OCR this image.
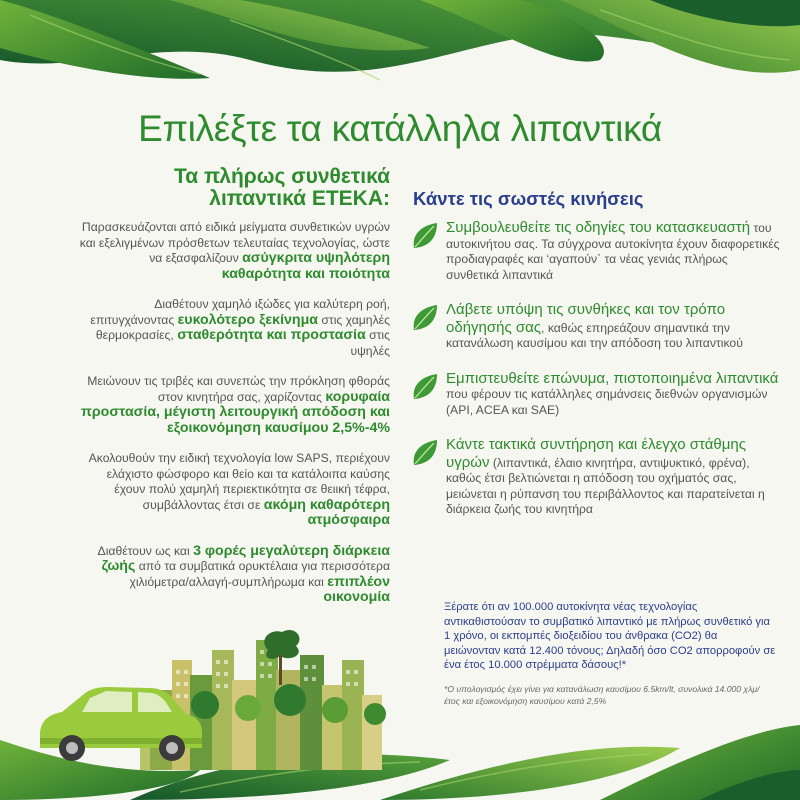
Επιλέξτε τα κατάλληλα λιπαντικά
Τα πλήρως συνθετικά
λιπαντικά ΕΤΕΚΑ:

Παρασκευάζονται από ειδικά μείγματα συνθετικών υγρών και εξελιγμένων πρόσθετων τελευταίας τεχνολογίας, ώστε να εξασφαλίζουν ασύγκριτα υψηλότερη καθαρότητα και ποιότητα

Διαθέτουν χαμηλό ιξώδες για καλύτερη ροή, επιτυγχάνοντας ευκολότερο ξεκίνημα στις χαμηλές θερμοκρασίες, σταθερότητα και προστασία στις υψηλές

Μειώνουν τις τριβές και συνεπώς την πρόκληση φθοράς στον κινητήρα σας, χαρίζοντας κορυφαία προστασία, μέγιστη λειτουργική απόδοση και εξοικονόμηση καυσίμου 2,5%-4%

Ακολουθούν την ειδική τεχνολογία low SAPS, περιέχουν ελάχιστο φώσφορο και θείο και τα κατάλοιπα καύσης έχουν πολύ χαμηλή περιεκτικότητα σε θειική τέφρα, συμβάλλοντας έτσι σε ακόμη καθαρότερη ατμόσφαιρα

Διαθέτουν ως και 3 φορές μεγαλύτερη διάρκεια ζωής από τα συμβατικά ορυκτέλαια για περισσότερα χιλιόμετρα/αλλαγή-συμπλήρωμα και επιπλέον οικονομία

Κάντε τις σωστές κινήσεις

Συμβουλευθείτε τις οδηγίες του κατασκευαστή του αυτοκινήτου σας. Τα σύγχρονα αυτοκίνητα έχουν διαφορετικές προδιαγραφές και ‘αγαπούν΄ τα νέας γενιάς πλήρως συνθετικά λιπαντικά

Λάβετε υπόψη τις συνθήκες και τον τρόπο οδήγησής σας, καθώς επηρεάζουν σημαντικά την κατανάλωση καυσίμου και την απόδοση του λιπαντικού

Εμπιστευθείτε επώνυμα, πιστοποιημένα λιπαντικά που φέρουν τις κατάλληλες σημάνσεις διεθνών οργανισμών (API, ACEA και SAE)

Κάντε τακτικά συντήρηση και έλεγχο στάθμης υγρών (λιπαντικά, έλαιο κινητήρα, αντιψυκτικό, φρένα), καθώς έτσι βελτιώνεται η απόδοση του οχήματός σας, μειώνεται η ρύπανση του περιβάλλοντος και παρατείνεται η διάρκεια ζωής του κινητήρα

Ξέρατε ότι αν 100.000 αυτοκίνητα νέας τεχνολογίας αντικαθιστούσαν το συμβατικό λιπαντικό με πλήρως συνθετικό για 1 χρόνο, οι εκπομπές διοξειδίου του άνθρακα (CO2) θα μειώνονταν κατά 12.400 τόνους; Δηλαδή όσο CO2 απορροφούν σε ένα έτος 10.000 στρέμματα δάσους!*

*Ο υπολογισμός έχει γίνει για κατανάλωση καυσίμου 6.5km/lt, συνολικά 14.000 χλμ/έτος και εξοικονόμηση καυσίμου κατά 2,5%
